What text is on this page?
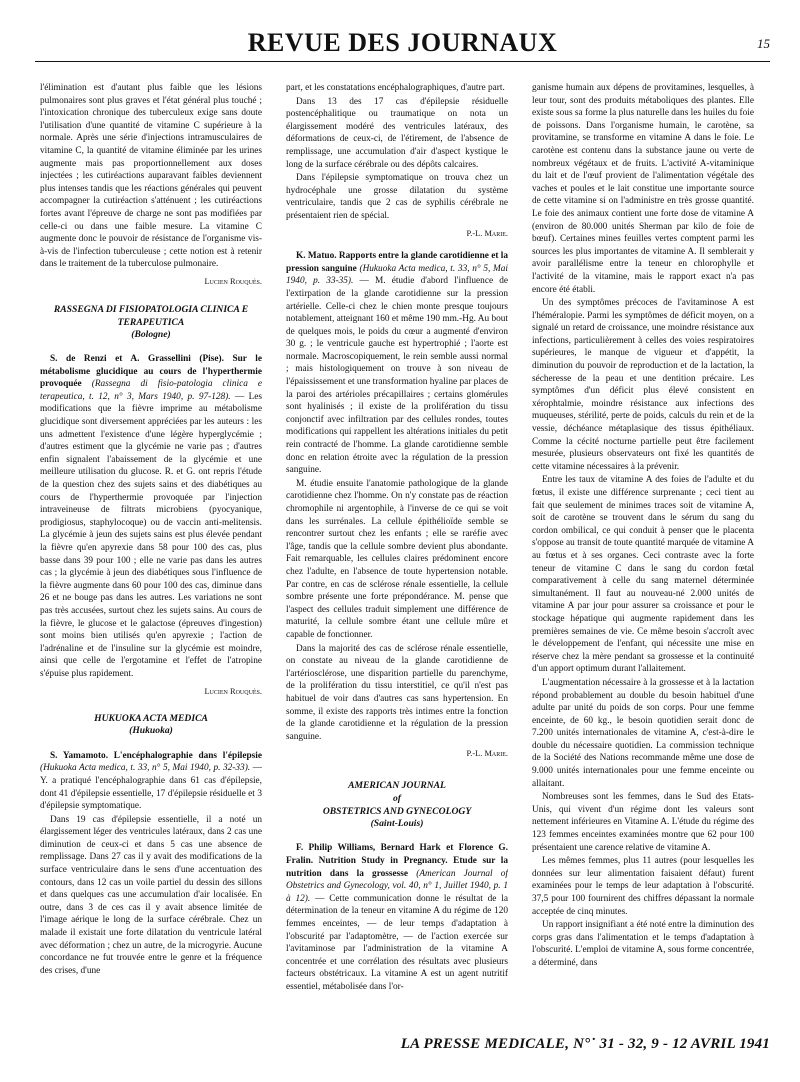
REVUE DES JOURNAUX	15

l'élimination est d'autant plus faible que les lésions pulmonaires sont plus graves et l'état général plus touché ; l'intoxication chronique des tuberculeux exige sans doute l'utilisation d'une quantité de vitamine C supérieure à la normale. Après une série d'injections intramusculaires de vitamine C, la quantité de vitamine éliminée par les urines augmente mais pas proportionnellement aux doses injectées ; les cutiréactions auparavant faibles deviennent plus intenses tandis que les réactions générales qui peuvent accompagner la cutiréaction s'atténuent ; les cutiréactions fortes avant l'épreuve de charge ne sont pas modifiées par celle-ci ou dans une faible mesure. La vitamine C augmente donc le pouvoir de résistance de l'organisme vis-à-vis de l'infection tuberculeuse ; cette notion est à retenir dans le traitement de la tuberculose pulmonaire.

Lucien Rouquès.
RASSEGNA DI FISIOPATOLOGIA CLINICA E TERAPEUTICA
(Bologne)

S. de Renzi et A. Grassellini (Pise). Sur le métabolisme glucidique au cours de l'hyperthermie provoquée (Rassegna di fisio-patologia clinica e terapeutica, t. 12, n° 3, Mars 1940, p. 97-128). — Les modifications que la fièvre imprime au métabolisme glucidique sont diversement appréciées par les auteurs : les uns admettent l'existence d'une légère hyperglycémie ; d'autres estiment que la glycémie ne varie pas ; d'autres enfin signalent l'abaissement de la glycémie et une meilleure utilisation du glucose. R. et G. ont repris l'étude de la question chez des sujets sains et des diabétiques au cours de l'hyperthermie provoquée par l'injection intraveineuse de filtrats microbiens (pyocyanique, prodigiosus, staphylocoque) ou de vaccin anti-melitensis. La glycémie à jeun des sujets sains est plus élevée pendant la fièvre qu'en apyrexie dans 58 pour 100 des cas, plus basse dans 39 pour 100 ; elle ne varie pas dans les autres cas ; la glycémie à jeun des diabétiques sous l'influence de la fièvre augmente dans 60 pour 100 des cas, diminue dans 26 et ne bouge pas dans les autres. Les variations ne sont pas très accusées, surtout chez les sujets sains. Au cours de la fièvre, le glucose et le galactose (épreuves d'ingestion) sont moins bien utilisés qu'en apyrexie ; l'action de l'adrénaline et de l'insuline sur la glycémie est moindre, ainsi que celle de l'ergotamine et l'effet de l'atropine s'épuise plus rapidement.

Lucien Rouquès.
HUKUOKA ACTA MEDICA
(Hukuoka)

S. Yamamoto. L'encéphalographie dans l'épilepsie (Hukuoka Acta medica, t. 33, n° 5, Mai 1940, p. 32-33). — Y. a pratiqué l'encéphalographie dans 61 cas d'épilepsie, dont 41 d'épilepsie essentielle, 17 d'épilepsie résiduelle et 3 d'épilepsie symptomatique.

Dans 19 cas d'épilepsie essentielle, il a noté un élargissement léger des ventricules latéraux, dans 2 cas une diminution de ceux-ci et dans 5 cas une absence de remplissage. Dans 27 cas il y avait des modifications de la surface ventriculaire dans le sens d'une accentuation des contours, dans 12 cas un voile partiel du dessin des sillons et dans quelques cas une accumulation d'air localisée. En outre, dans 3 de ces cas il y avait absence limitée de l'image aérique le long de la surface cérébrale. Chez un malade il existait une forte dilatation du ventricule latéral avec déformation ; chez un autre, de la microgyrie. Aucune concordance ne fut trouvée entre le genre et la fréquence des crises, d'une

part, et les constatations encéphalographiques, d'autre part.

Dans 13 des 17 cas d'épilepsie résiduelle postencéphalitique ou traumatique on nota un élargissement modéré des ventricules latéraux, des déformations de ceux-ci, de l'étirement, de l'absence de remplissage, une accumulation d'air d'aspect kystique le long de la surface cérébrale ou des dépôts calcaires.

Dans l'épilepsie symptomatique on trouva chez un hydrocéphale une grosse dilatation du système ventriculaire, tandis que 2 cas de syphilis cérébrale ne présentaient rien de spécial.

P.-L. Marie.

K. Matuo. Rapports entre la glande carotidienne et la pression sanguine (Hukuoka Acta medica, t. 33, n° 5, Mai 1940, p. 33-35). — M. étudie d'abord l'influence de l'extirpation de la glande carotidienne sur la pression artérielle. Celle-ci chez le chien monte presque toujours notablement, atteignant 160 et même 190 mm.-Hg. Au bout de quelques mois, le poids du cœur a augmenté d'environ 30 g. ; le ventricule gauche est hypertrophié ; l'aorte est normale. Macroscopiquement, le rein semble aussi normal ; mais histologiquement on trouve à son niveau de l'épaississement et une transformation hyaline par places de la paroi des artérioles précapillaires ; certains glomérules sont hyalinisés ; il existe de la prolifération du tissu conjonctif avec infiltration par des cellules rondes, toutes modifications qui rappellent les altérations initiales du petit rein contracté de l'homme. La glande carotidienne semble donc en relation étroite avec la régulation de la pression sanguine.

M. étudie ensuite l'anatomie pathologique de la glande carotidienne chez l'homme. On n'y constate pas de réaction chromophile ni argentophile, à l'inverse de ce qui se voit dans les surrénales. La cellule épithélioïde semble se rencontrer surtout chez les enfants ; elle se raréfie avec l'âge, tandis que la cellule sombre devient plus abondante. Fait remarquable, les cellules claires prédominent encore chez l'adulte, en l'absence de toute hypertension notable. Par contre, en cas de sclérose rénale essentielle, la cellule sombre présente une forte prépondérance. M. pense que l'aspect des cellules traduit simplement une différence de maturité, la cellule sombre étant une cellule mûre et capable de fonctionner.

Dans la majorité des cas de sclérose rénale essentielle, on constate au niveau de la glande carotidienne de l'artériosclérose, une disparition partielle du parenchyme, de la prolifération du tissu interstitiel, ce qu'il n'est pas habituel de voir dans d'autres cas sans hypertension. En somme, il existe des rapports très intimes entre la fonction de la glande carotidienne et la régulation de la pression sanguine.

P.-L. Marie.
AMERICAN JOURNAL
of
OBSTETRICS AND GYNECOLOGY
(Saint-Louis)

F. Philip Williams, Bernard Hark et Florence G. Fralin. Nutrition Study in Pregnancy. Etude sur la nutrition dans la grossesse (American Journal of Obstetrics and Gynecology, vol. 40, n° 1, Juillet 1940, p. 1 à 12). — Cette communication donne le résultat de la détermination de la teneur en vitamine A du régime de 120 femmes enceintes, — de leur temps d'adaptation à l'obscurité par l'adaptomètre, — de l'action exercée sur l'avitaminose par l'administration de la vitamine A concentrée et une corrélation des résultats avec plusieurs facteurs obstétricaux. La vitamine A est un agent nutritif essentiel, métabolisée dans l'or-

ganisme humain aux dépens de provitamines, lesquelles, à leur tour, sont des produits métaboliques des plantes. Elle existe sous sa forme la plus naturelle dans les huiles du foie de poissons. Dans l'organisme humain, le carotène, sa provitamine, se transforme en vitamine A dans le foie. Le carotène est contenu dans la substance jaune ou verte de nombreux végétaux et de fruits. L'activité A-vitaminique du lait et de l'œuf provient de l'alimentation végétale des vaches et poules et le lait constitue une importante source de cette vitamine si on l'administre en très grosse quantité. Le foie des animaux contient une forte dose de vitamine A (environ de 80.000 unités Sherman par kilo de foie de bœuf). Certaines mines feuilles vertes comptent parmi les sources les plus importantes de vitamine A. Il semblerait y avoir parallélisme entre la teneur en chlorophylle et l'activité de la vitamine, mais le rapport exact n'a pas encore été établi.

Un des symptômes précoces de l'avitaminose A est l'héméralopie. Parmi les symptômes de déficit moyen, on a signalé un retard de croissance, une moindre résistance aux infections, particulièrement à celles des voies respiratoires supérieures, le manque de vigueur et d'appétit, la diminution du pouvoir de reproduction et de la lactation, la sécheresse de la peau et une dentition précaire. Les symptômes d'un déficit plus élevé consistent en xérophtalmie, moindre résistance aux infections des muqueuses, stérilité, perte de poids, calculs du rein et de la vessie, déchéance métaplasique des tissus épithéliaux. Comme la cécité nocturne partielle peut être facilement mesurée, plusieurs observateurs ont fixé les quantités de cette vitamine nécessaires à la prévenir.

Entre les taux de vitamine A des foies de l'adulte et du fœtus, il existe une différence surprenante ; ceci tient au fait que seulement de minimes traces soit de vitamine A, soit de carotène se trouvent dans le sérum du sang du cordon ombilical, ce qui conduit à penser que le placenta s'oppose au transit de toute quantité marquée de vitamine A au fœtus et à ses organes. Ceci contraste avec la forte teneur de vitamine C dans le sang du cordon fœtal comparativement à celle du sang maternel déterminée simultanément. Il faut au nouveau-né 2.000 unités de vitamine A par jour pour assurer sa croissance et pour le stockage hépatique qui augmente rapidement dans les premières semaines de vie. Ce même besoin s'accroît avec le développement de l'enfant, qui nécessite une mise en réserve chez la mère pendant sa grossesse et la continuité d'un apport optimum durant l'allaitement.

L'augmentation nécessaire à la grossesse et à la lactation répond probablement au double du besoin habituel d'une adulte par unité du poids de son corps. Pour une femme enceinte, de 60 kg., le besoin quotidien serait donc de 7.200 unités internationales de vitamine A, c'est-à-dire le double du nécessaire quotidien. La commission technique de la Société des Nations recommande même une dose de 9.000 unités internationales pour une femme enceinte ou allaitant.

Nombreuses sont les femmes, dans le Sud des Etats-Unis, qui vivent d'un régime dont les valeurs sont nettement inférieures en Vitamine A. L'étude du régime des 123 femmes enceintes examinées montre que 62 pour 100 présentaient une carence relative de vitamine A.

Les mêmes femmes, plus 11 autres (pour lesquelles les données sur leur alimentation faisaient défaut) furent examinées pour le temps de leur adaptation à l'obscurité. 37,5 pour 100 fournirent des chiffres dépassant la normale acceptée de cinq minutes.

Un rapport insignifiant a été noté entre la diminution des corps gras dans l'alimentation et le temps d'adaptation à l'obscurité. L'emploi de vitamine A, sous forme concentrée, a déterminé, dans

LA PRESSE MEDICALE, N°˙ 31 - 32, 9 - 12 AVRIL 1941
